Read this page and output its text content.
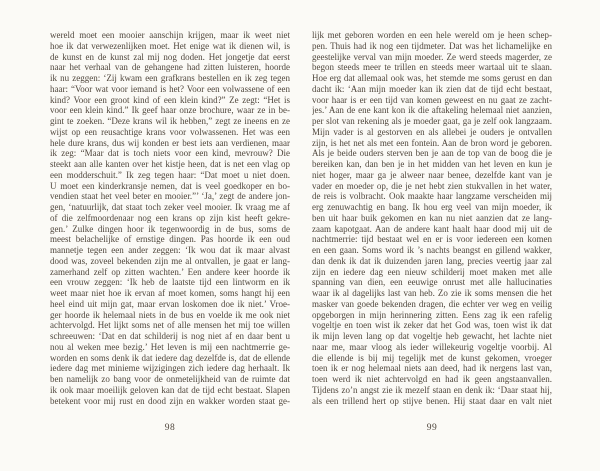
wereld moet een mooier aanschijn krijgen, maar ik weet niet
hoe ik dat verwezenlijken moet. Het enige wat ik dienen wil, is
de kunst en de kunst zal mij nog doden. Het jongetje dat eerst
naar het verhaal van de gehangene had zitten luisteren, hoorde
ik nu zeggen: ‘Zij kwam een grafkrans bestellen en ik zeg tegen
haar: “Voor wat voor iemand is het? Voor een volwassene of een
kind? Voor een groot kind of een klein kind?” Ze zegt: “Het is
voor een klein kind.” Ik geef haar onze brochure, waar ze in be-
gint te zoeken. “Deze krans wil ik hebben,” zegt ze ineens en ze
wijst op een reusachtige krans voor volwassenen. Het was een
hele dure krans, dus wij konden er best iets aan verdienen, maar
ik zeg: “Maar dat is toch niets voor een kind, mevrouw? Die
steekt aan alle kanten over het kistje heen, dat is net een vlag op
een modderschuit.” Ik zeg tegen haar: “Dat moet u niet doen.
U moet een kinderkransje nemen, dat is veel goedkoper en bo-
vendien staat het veel beter en mooier.”’ ‘Ja,’ zegt de andere jon-
gen, ‘natuurlijk, dat staat toch zeker veel mooier. Ik vraag me af
of die zelfmoordenaar nog een krans op zijn kist heeft gekre-
gen.’ Zulke dingen hoor ik tegenwoordig in de bus, soms de
meest belachelijke of ernstige dingen. Pas hoorde ik een oud
mannetje tegen een ander zeggen: ‘Ik wou dat ik maar alvast
dood was, zoveel bekenden zijn me al ontvallen, je gaat er lang-
zamerhand zelf op zitten wachten.’ Een andere keer hoorde ik
een vrouw zeggen: ‘Ik heb de laatste tijd een lintworm en ik
weet maar niet hoe ik ervan af moet komen, soms hangt hij een
heel eind uit mijn gat, maar ervan loskomen doe ik niet.’ Vroe-
ger hoorde ik helemaal niets in de bus en voelde ik me ook niet
achtervolgd. Het lijkt soms net of alle mensen het mij toe willen
schreeuwen: ‘Dat en dat schilderij is nog niet af en daar bent u
nou al weken mee bezig.’ Het leven is mij een nachtmerrie ge-
worden en soms denk ik dat iedere dag dezelfde is, dat de ellende
iedere dag met minieme wijzigingen zich iedere dag herhaalt. Ik
ben namelijk zo bang voor de onmetelijkheid van de ruimte dat
ik ook maar moeilijk geloven kan dat de tijd echt bestaat. Slapen
betekent voor mij rust en dood zijn en wakker worden staat ge-
98
lijk met geboren worden en een hele wereld om je heen schep-
pen. Thuis had ik nog een tijdmeter. Dat was het lichamelijke en
geestelijke verval van mijn moeder. Ze werd steeds magerder, ze
begon steeds meer te trillen en steeds meer wartaal uit te slaan.
Hoe erg dat allemaal ook was, het stemde me soms gerust en dan
dacht ik: ‘Aan mijn moeder kan ik zien dat de tijd echt bestaat,
voor haar is er een tijd van komen geweest en nu gaat ze zacht-
jes.’ Aan de ene kant kon ik die aftakeling helemaal niet aanzien,
per slot van rekening als je moeder gaat, ga je zelf ook langzaam.
Mijn vader is al gestorven en als allebei je ouders je ontvallen
zijn, is het net als met een fontein. Aan de bron word je geboren.
Als je beide ouders sterven ben je aan de top van de boog die je
bereiken kan, dan ben je in het midden van het leven en kun je
niet hoger, maar ga je alweer naar benee, dezelfde kant van je
vader en moeder op, die je net hebt zien stukvallen in het water,
de reis is volbracht. Ook maakte haar langzame verscheiden mij
erg zenuwachtig en bang. Ik hou erg veel van mijn moeder, ik
ben uit haar buik gekomen en kan nu niet aanzien dat ze lang-
zaam kapotgaat. Aan de andere kant haalt haar dood mij uit de
nachtmerrie: tijd bestaat wel en er is voor iedereen een komen
en een gaan. Soms word ik ’s nachts beangst en gillend wakker,
dan denk ik dat ik duizenden jaren lang, precies veertig jaar zal
zijn en iedere dag een nieuw schilderij moet maken met alle
spanning van dien, een eeuwige onrust met alle hallucinaties
waar ik al dagelijks last van heb. Zo zie ik soms mensen die het
masker van goede bekenden dragen, die echter ver weg en veilig
opgeborgen in mijn herinnering zitten. Eens zag ik een rafelig
vogeltje en toen wist ik zeker dat het God was, toen wist ik dat
ik mijn leven lang op dat vogeltje heb gewacht, het lachte niet
naar me, maar vloog als ieder willekeurig vogeltje voorbij. Al
die ellende is bij mij tegelijk met de kunst gekomen, vroeger
toen ik er nog helemaal niets aan deed, had ik nergens last van,
toen werd ik niet achtervolgd en had ik geen angstaanvallen.
Tijdens zo’n angst zie ik mezelf staan en denk ik: ‘Daar staat hij,
als een trillend hert op stijve benen. Hij staat daar en valt niet
99
